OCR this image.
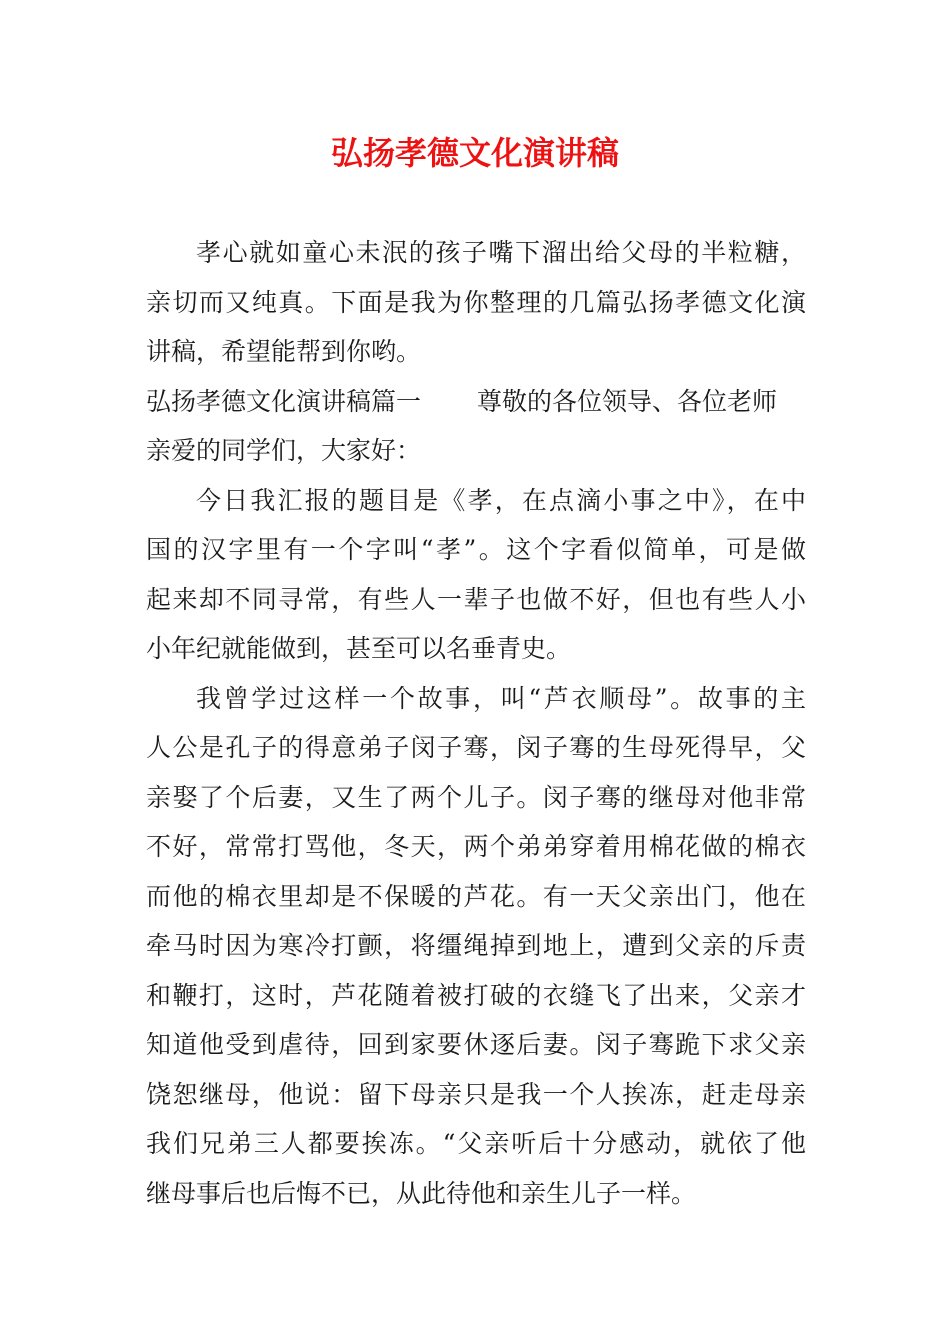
弘扬孝德文化演讲稿
孝心就如童心未泯的孩子嘴下溜出给父母的半粒糖，
亲切而又纯真。下面是我为你整理的几篇弘扬孝德文化演
讲稿，希望能帮到你哟。
弘扬孝德文化演讲稿篇一 尊敬的各位领导、各位老师
亲爱的同学们，大家好：
今日我汇报的题目是《孝，在点滴小事之中》，在中
国的汉字里有一个字叫“孝”。这个字看似简单，可是做
起来却不同寻常，有些人一辈子也做不好，但也有些人小
小年纪就能做到，甚至可以名垂青史。
我曾学过这样一个故事，叫“芦衣顺母”。故事的主
人公是孔子的得意弟子闵子骞，闵子骞的生母死得早，父
亲娶了个后妻，又生了两个儿子。闵子骞的继母对他非常
不好，常常打骂他，冬天，两个弟弟穿着用棉花做的棉衣
而他的棉衣里却是不保暖的芦花。有一天父亲出门，他在
牵马时因为寒冷打颤，将缰绳掉到地上，遭到父亲的斥责
和鞭打，这时，芦花随着被打破的衣缝飞了出来，父亲才
知道他受到虐待，回到家要休逐后妻。闵子骞跪下求父亲
饶恕继母，他说：留下母亲只是我一个人挨冻，赶走母亲
我们兄弟三人都要挨冻。“父亲听后十分感动，就依了他
继母事后也后悔不已，从此待他和亲生儿子一样。
